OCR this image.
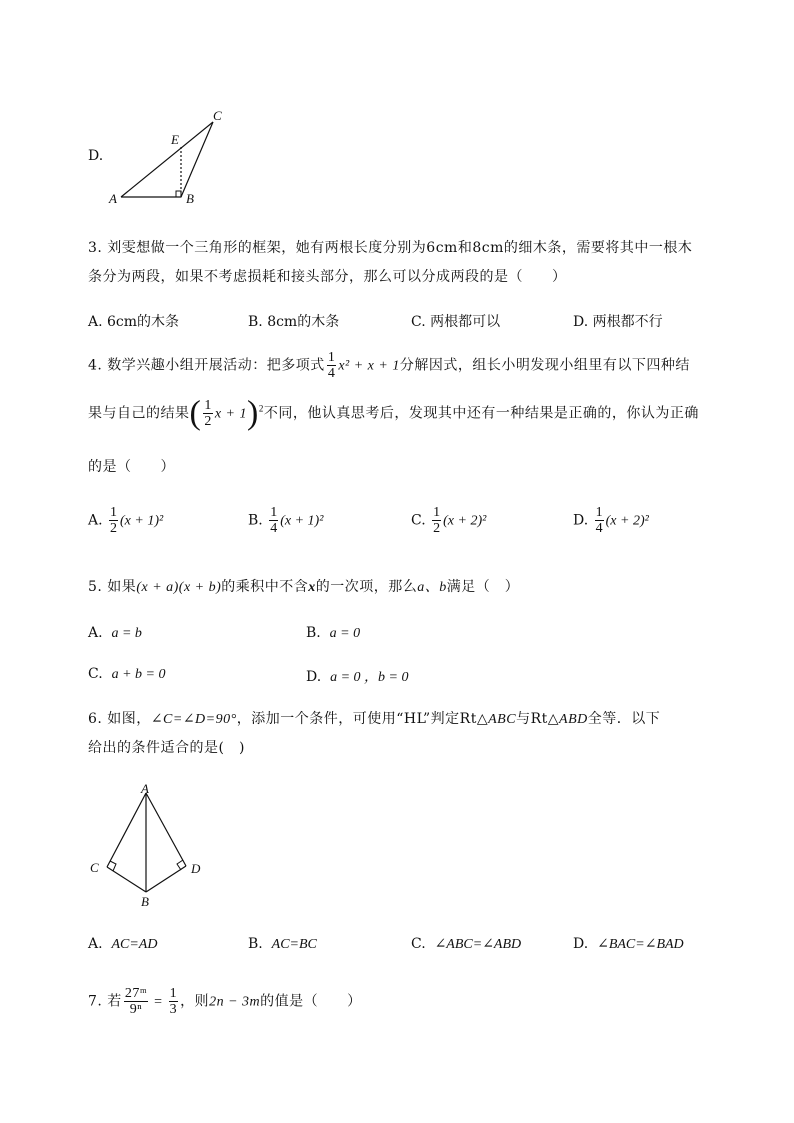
D.
A	B
C
E
3. 刘雯想做一个三角形的框架，她有两根长度分别为6cm和8cm的细木条，需要将其中一根木
条分为两段，如果不考虑损耗和接头部分，那么可以分成两段的是（　　）
A. 6cm的木条	B. 8cm的木条	C. 两根都可以	D. 两根都不行
4. 数学兴趣小组开展活动：把多项式 $\frac{1}{4} x^2 + x + 1$分解因式，组长小明发现小组里有以下四种结
果与自己的结果( $\frac{1}{2}$ x + 1)$^2$不同，他认真思考后，发现其中还有一种结果是正确的，你认为正确
的是（　　）
A. $\frac{1}{2} (x + 1)^2$	B. $\frac{1}{4} (x + 1)^2$	C. $\frac{1}{2} (x + 2)^2$	D. $\frac{1}{4} (x + 2)^2$
5. 如果(x + a)(x + b)的乘积中不含x的一次项，那么a、b满足（　）
A. a = b	B. a = 0
C. a + b = 0	D. a = 0 ，b = 0
6. 如图，∠C=∠D=90°，添加一个条件，可使用“HL”判定Rt△ABC与Rt△ABD全等．以下
给出的条件适合的是(　)
A
B
C	D
A. AC=AD	B. AC=BC	C. ∠ABC=∠ABD	D. ∠BAC=∠BAD
7. 若 $\frac{\text{27ᵐ}}{\text{9ⁿ}} = \frac{1}{3}$ ，则2n − 3m的值是（　　）
